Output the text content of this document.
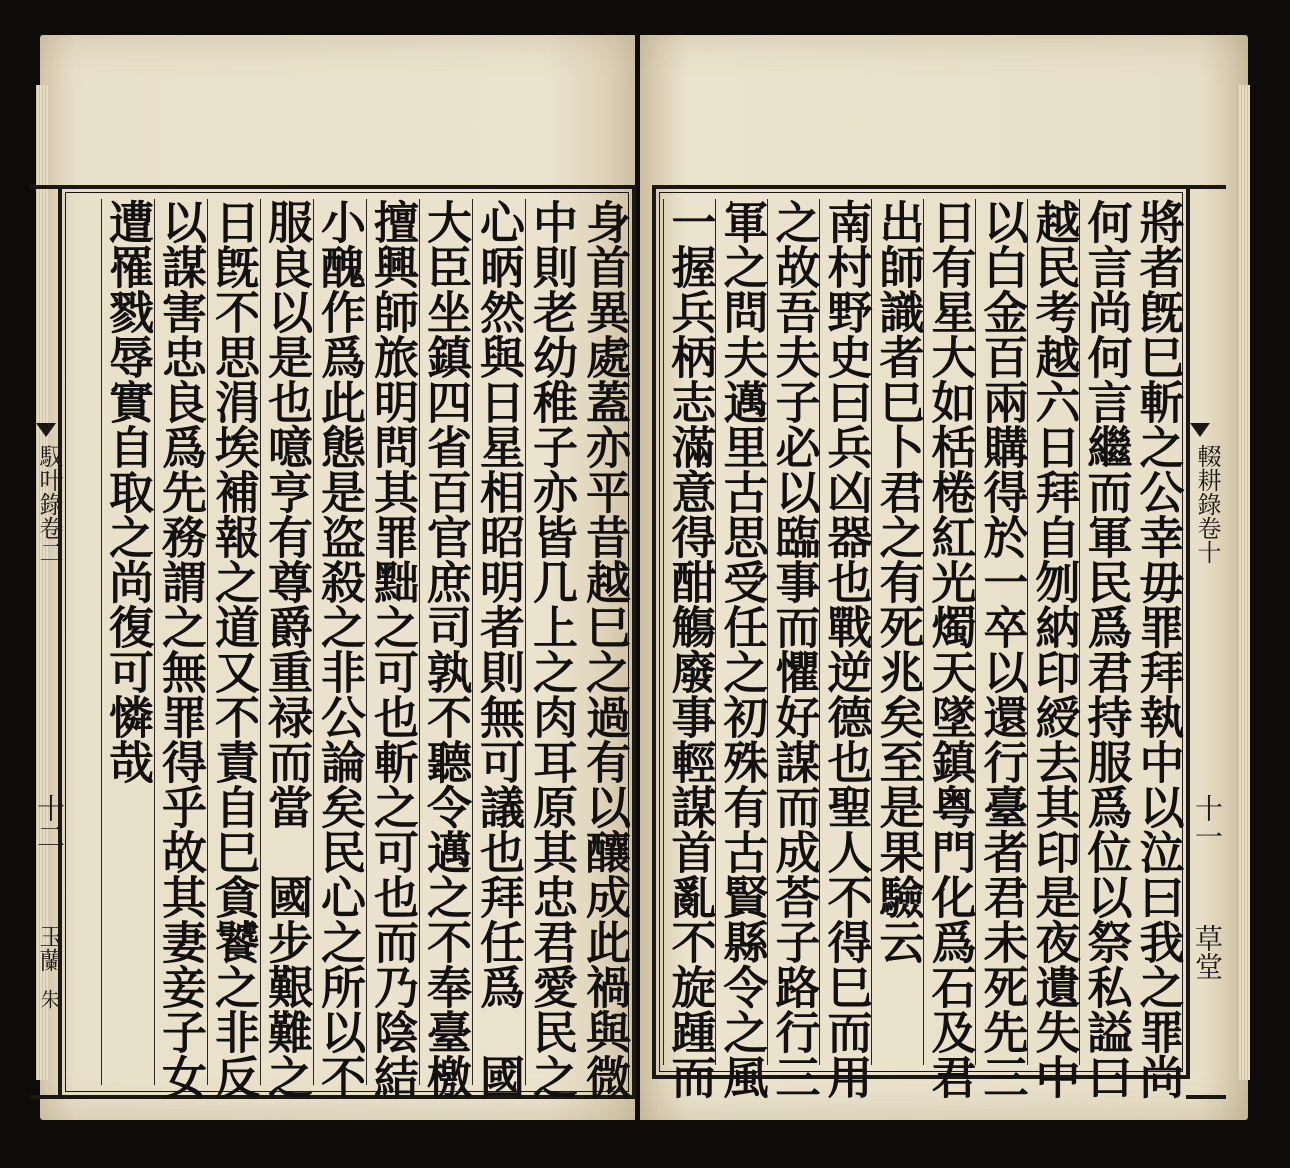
身首異處蓋亦平昔越巳之過有以釀成此禍與微
中則老幼稚子亦皆几上之肉耳原其忠君愛民之
心昞然與日星相昭明者則無可議也拜任爲　國
大臣坐鎮四省百官庶司孰不聽令邁之不奉臺檄
擅興師旅明問其罪黜之可也斬之可也而乃陰結
小醜作爲此態是盗殺之非公論矣民心之所以不
服良以是也噫亨有尊爵重禄而當　國步艱難之
日旣不思涓埃補報之道又不責自巳貪饕之非反
以謀害忠良爲先務謂之無罪得乎故其妻妾子女
遭罹戮辱實自取之尚復可憐哉
馭叶錄卷二
十二
玉蘭
朱	將者旣巳斬之公幸毋罪拜執中以泣曰我之罪尚
何言尚何言繼而軍民爲君持服爲位以祭私謚曰
越民考越六日拜自刎納印綬去其印是夜遺失中
以白金百兩購得於一卒以還行臺者君未死先三
日有星大如栝棬紅光燭天墜鎮粤門化爲石及君
出師識者巳卜君之有死兆矣至是果驗云
南村野史曰兵凶器也戰逆德也聖人不得巳而用
之故吾夫子必以臨事而懼好謀而成荅子路行三
軍之問夫邁里古思受任之初殊有古賢縣令之風
一握兵柄志滿意得酣觴廢事輕謀首亂不旋踵而	輟耕錄卷十
十一
草堂
